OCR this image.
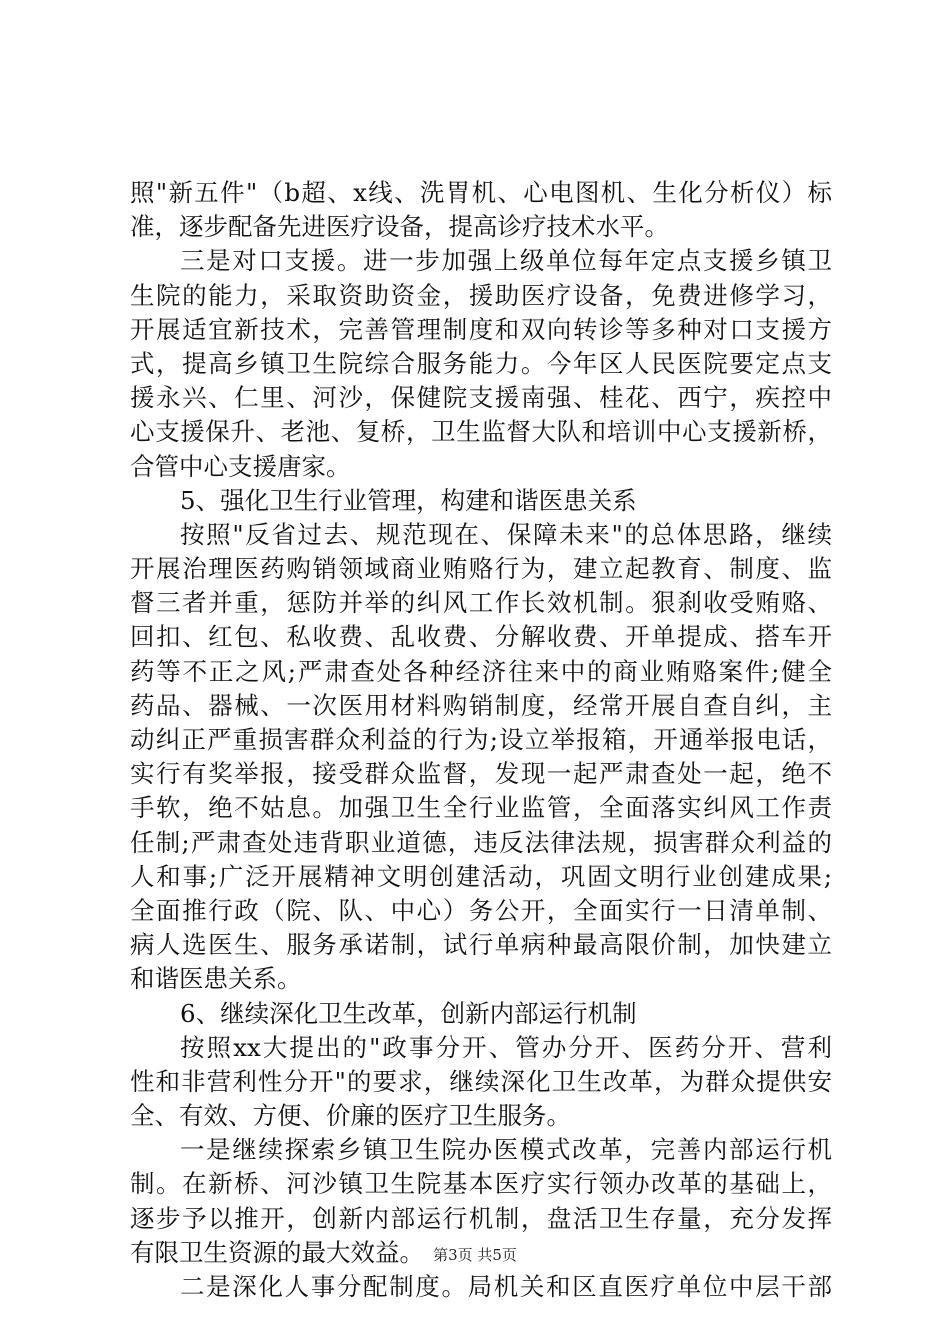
照"新五件"（b超、x线、洗胃机、心电图机、生化分析仪）标
准，逐步配备先进医疗设备，提高诊疗技术水平。
三是对口支援。进一步加强上级单位每年定点支援乡镇卫
生院的能力，采取资助资金，援助医疗设备，免费进修学习，
开展适宜新技术，完善管理制度和双向转诊等多种对口支援方
式，提高乡镇卫生院综合服务能力。今年区人民医院要定点支
援永兴、仁里、河沙，保健院支援南强、桂花、西宁，疾控中
心支援保升、老池、复桥，卫生监督大队和培训中心支援新桥，
合管中心支援唐家。
5、强化卫生行业管理，构建和谐医患关系
按照"反省过去、规范现在、保障未来"的总体思路，继续
开展治理医药购销领域商业贿赂行为，建立起教育、制度、监
督三者并重，惩防并举的纠风工作长效机制。狠刹收受贿赂、
回扣、红包、私收费、乱收费、分解收费、开单提成、搭车开
药等不正之风;严肃查处各种经济往来中的商业贿赂案件;健全
药品、器械、一次医用材料购销制度，经常开展自查自纠，主
动纠正严重损害群众利益的行为;设立举报箱，开通举报电话，
实行有奖举报，接受群众监督，发现一起严肃查处一起，绝不
手软，绝不姑息。加强卫生全行业监管，全面落实纠风工作责
任制;严肃查处违背职业道德，违反法律法规，损害群众利益的
人和事;广泛开展精神文明创建活动，巩固文明行业创建成果;
全面推行政（院、队、中心）务公开，全面实行一日清单制、
病人选医生、服务承诺制，试行单病种最高限价制，加快建立
和谐医患关系。
6、继续深化卫生改革，创新内部运行机制
按照xx大提出的"政事分开、管办分开、医药分开、营利
性和非营利性分开"的要求，继续深化卫生改革，为群众提供安
全、有效、方便、价廉的医疗卫生服务。
一是继续探索乡镇卫生院办医模式改革，完善内部运行机
制。在新桥、河沙镇卫生院基本医疗实行领办改革的基础上，
逐步予以推开，创新内部运行机制，盘活卫生存量，充分发挥
有限卫生资源的最大效益。
二是深化人事分配制度。局机关和区直医疗单位中层干部
第3页 共5页
